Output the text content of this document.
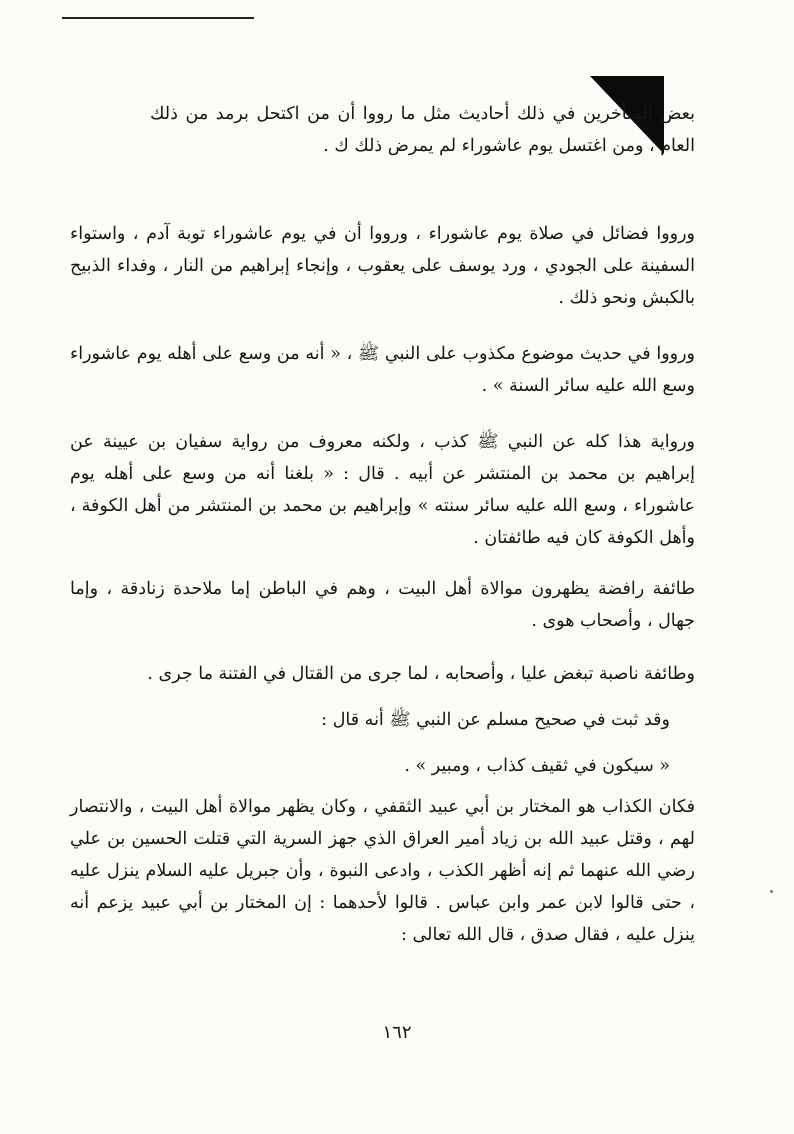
بعض المتأخرين في ذلك أحاديث مثل ما رووا أن من اكتحل برمد من ذلك العام ، ومن اغتسل يوم عاشوراء لم يمرض ذلك ك .

ورووا فضائل في صلاة يوم عاشوراء ، ورووا أن في يوم عاشوراء توبة آدم ، واستواء السفينة على الجودي ، ورد يوسف على يعقوب ، وإنجاء إبراهيم من النار ، وفداء الذبيح بالكبش ونحو ذلك .

ورووا في حديث موضوع مكذوب على النبي ﷺ ، « أنه من وسع على أهله يوم عاشوراء وسع الله عليه سائر السنة » .

ورواية هذا كله عن النبي ﷺ كذب ، ولكنه معروف من رواية سفيان بن عيينة عن إبراهيم بن محمد بن المنتشر عن أبيه . قال : « بلغنا أنه من وسع على أهله يوم عاشوراء ، وسع الله عليه سائر سنته » وإبراهيم بن محمد بن المنتشر من أهل الكوفة ، وأهل الكوفة كان فيه طائفتان .

طائفة رافضة يظهرون موالاة أهل البيت ، وهم في الباطن إما ملاحدة زنادقة ، وإما جهال ، وأصحاب هوى .

وطائفة ناصبة تبغض عليا ، وأصحابه ، لما جرى من القتال في الفتنة ما جرى .

وقد ثبت في صحيح مسلم عن النبي ﷺ أنه قال :

« سيكون في ثقيف كذاب ، ومبير » .

فكان الكذاب هو المختار بن أبي عبيد الثقفي ، وكان يظهر موالاة أهل البيت ، والانتصار لهم ، وقتل عبيد الله بن زياد أمير العراق الذي جهز السرية التي قتلت الحسين بن علي رضي الله عنهما ثم إنه أظهر الكذب ، وادعى النبوة ، وأن جبريل عليه السلام ينزل عليه ، حتى قالوا لابن عمر وابن عباس . قالوا لأحدهما : إن المختار بن أبي عبيد يزعم أنه ينزل عليه ، فقال صدق ، قال الله تعالى :

١٦٢
